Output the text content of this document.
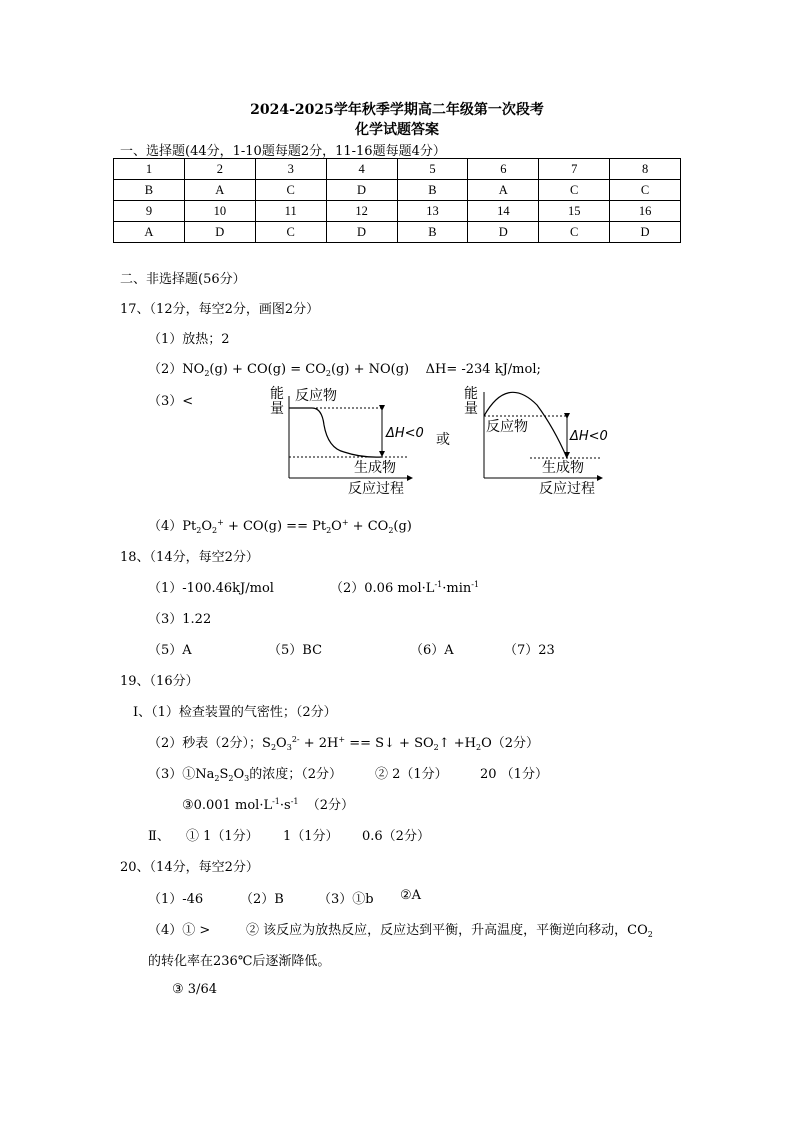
2024-2025学年秋季学期高二年级第一次段考
化学试题答案
一、选择题(44分，1-10题每题2分，11-16题每题4分）
1	2	3	4	5	6	7	8
B	A	C	D	B	A	C	C
9	10	11	12	13	14	15	16
A	D	C	D	B	D	C	D
二、非选择题(56分）
17、（12分，每空2分，画图2分）
（1）放热；2
$(2)NO_2(g) + CO(g) = CO_2(g) + NO(g)$ ΔH= -234 kJ/mol;
（3）<	能
量
反应物
ΔH<0
生成物
反应过程
或
能
量
ΔH<0
反应物
生成物
反应过程
$(4)Pt_2O_2^+ + CO(g) == Pt_2O^+ + CO_2(g)$
18、（14分，每空2分）
（1）-100.46kJ/mol	（2）0.06 $mol\cdot L^{-1}\cdot\min^{-1}$
（3）1.22
（5）A	（5）BC	（6）A	（7）23
19、（16分）
Ⅰ、（1）检查装置的气密性；（2分）
（2）秒表（2分）；$S_2O_3^{2-} + 2H^+$ == S↓ + $SO_2↑ +H_2O(2$分）
$(3)①Na_2S_2O_3$的浓度；（2分）	② 2（1分） 20 （1分）
③0.001 $mol\cdot L^{-1}\cdot s^{-1}$ （2分）
Ⅱ、 ① 1（1分） 1（1分） 0.6（2分）
20、（14分，每空2分）
（1）-46	（2）B	（3）①b ②A
（4）① >	② 该反应为放热反应，反应达到平衡，升高温度，平衡逆向移动，$CO_2$
的转化率在236℃后逐渐降低。
③ 3/64
